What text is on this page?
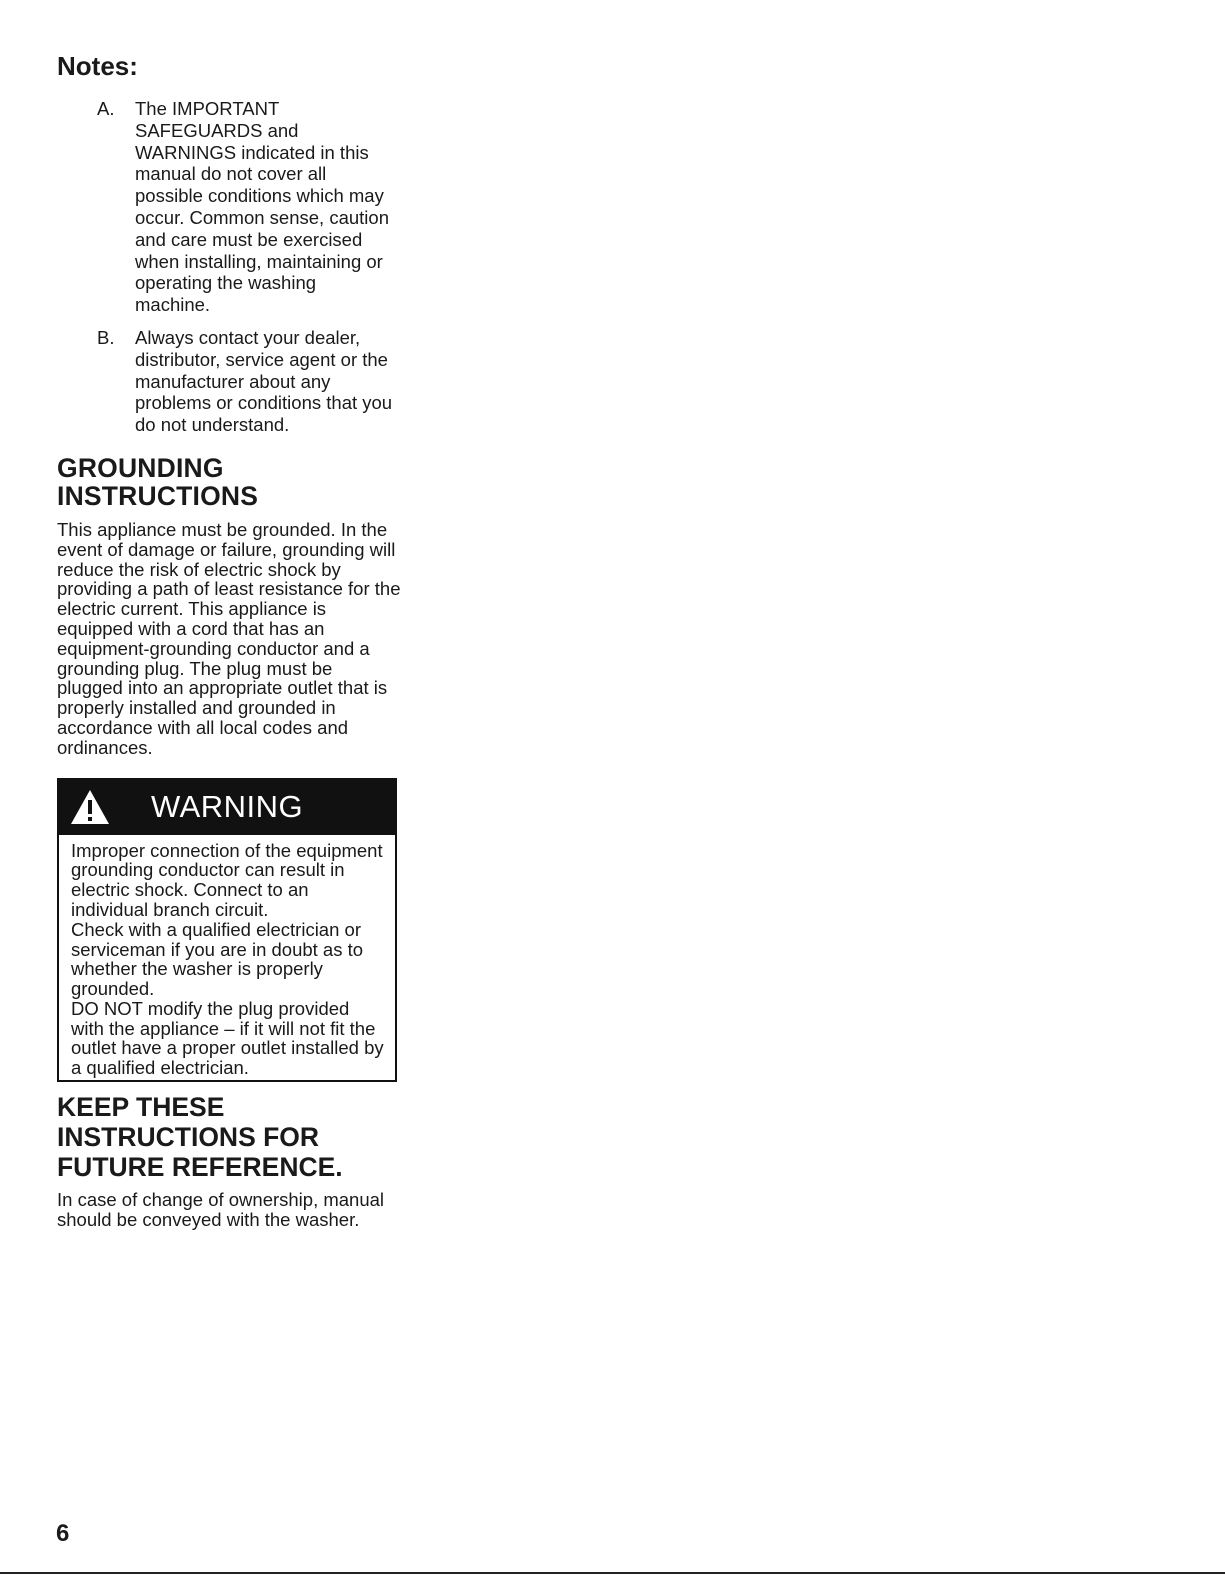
Notes:
A.	The IMPORTANT SAFEGUARDS and WARNINGS indicated in this manual do not cover all possible conditions which may occur. Common sense, caution and care must be exercised when installing, maintaining or operating the washing machine.
B.	Always contact your dealer, distributor, service agent or the manufacturer about any problems or conditions that you do not understand.
GROUNDING INSTRUCTIONS

This appliance must be grounded. In the event of damage or failure, grounding will reduce the risk of electric shock by providing a path of least resistance for the electric current. This appliance is equipped with a cord that has an equipment-grounding conductor and a grounding plug. The plug must be plugged into an appropriate outlet that is properly installed and grounded in accordance with all local codes and ordinances.

WARNING
Improper connection of the equipment grounding conductor can result in electric shock. Connect to an individual branch circuit.
Check with a qualified electrician or serviceman if you are in doubt as to whether the washer is properly grounded.
DO NOT modify the plug provided with the appliance – if it will not fit the outlet have a proper outlet installed by a qualified electrician.
KEEP THESE INSTRUCTIONS FOR FUTURE REFERENCE.

In case of change of ownership, manual should be conveyed with the washer.

6
